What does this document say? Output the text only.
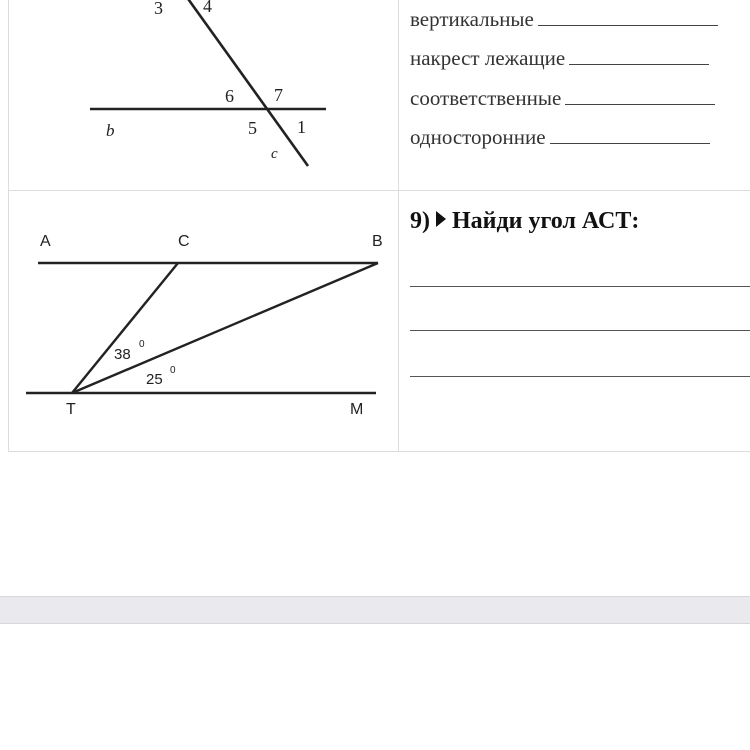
3 4
6 7
5 1
b
c
вертикальные
накрест лежащие
соответственные
односторонние
A	C	B
T	M
38
0
25
0
9) Найди угол АСТ:
